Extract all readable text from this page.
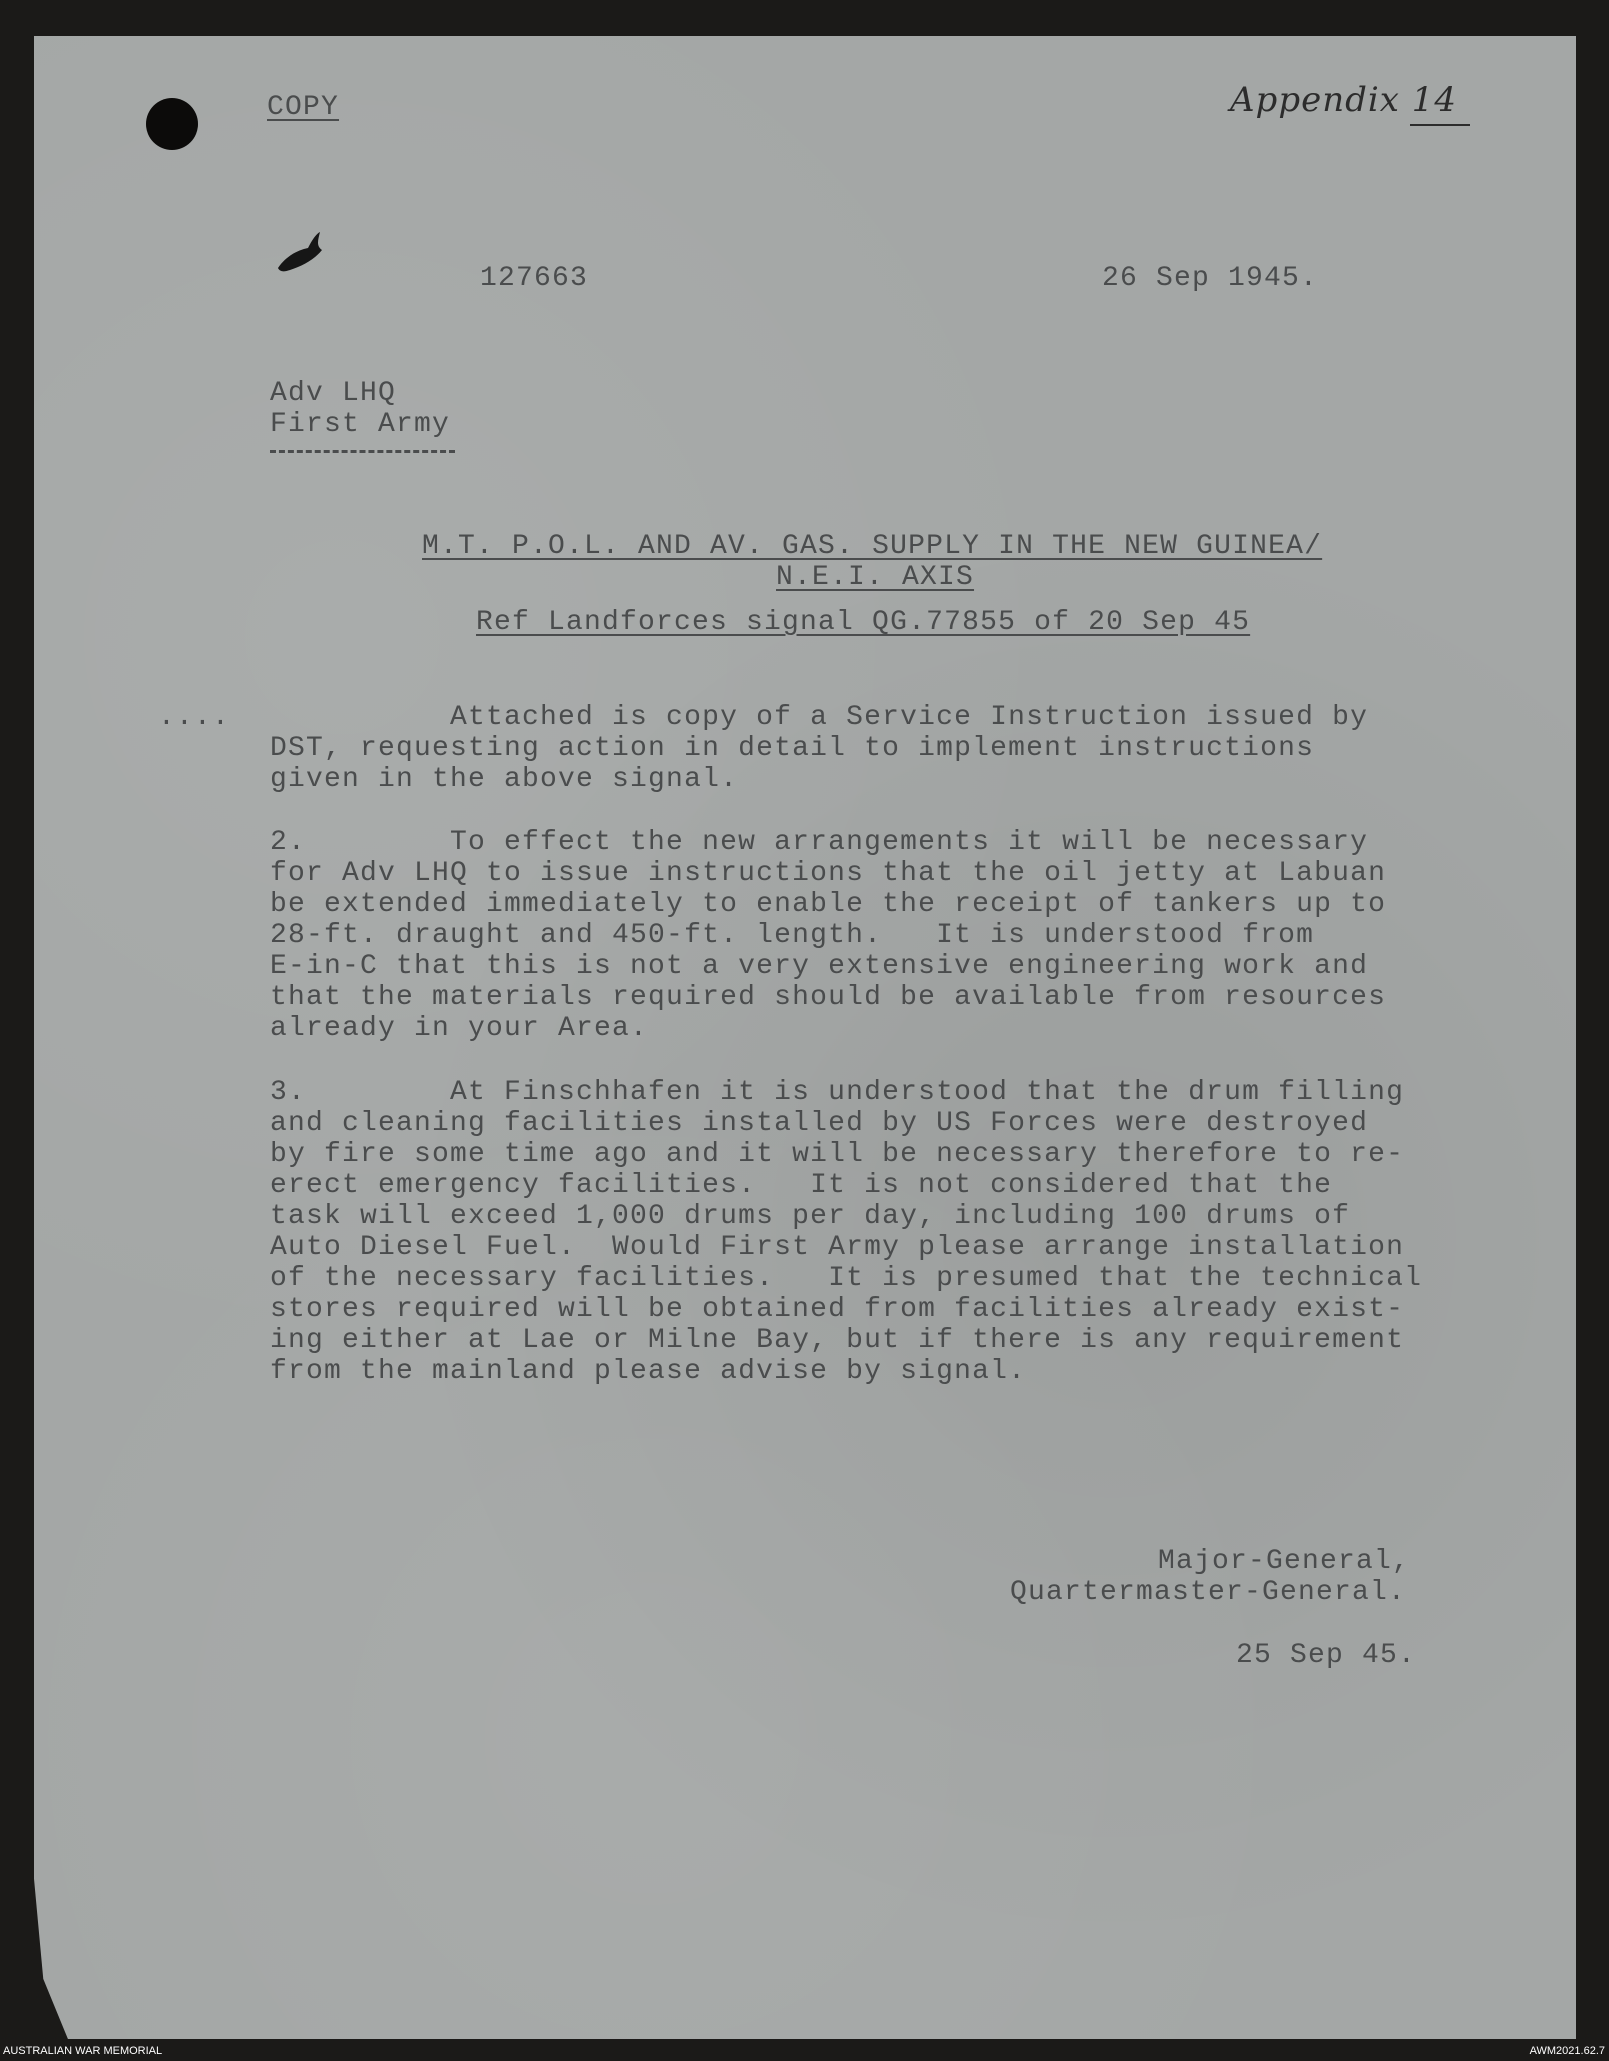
COPY	Appendix 14
127663	26 Sep 1945.
Adv LHQ
First Army
M.T. P.O.L. AND AV. GAS. SUPPLY IN THE NEW GUINEA/
N.E.I. AXIS
Ref Landforces signal QG.77855 of 20 Sep 45
.... Attached is copy of a Service Instruction issued by
DST, requesting action in detail to implement instructions
given in the above signal.
2.        To effect the new arrangements it will be necessary
for Adv LHQ to issue instructions that the oil jetty at Labuan
be extended immediately to enable the receipt of tankers up to
28-ft. draught and 450-ft. length.   It is understood from
E-in-C that this is not a very extensive engineering work and
that the materials required should be available from resources
already in your Area.
3.        At Finschhafen it is understood that the drum filling
and cleaning facilities installed by US Forces were destroyed
by fire some time ago and it will be necessary therefore to re-
erect emergency facilities.   It is not considered that the
task will exceed 1,000 drums per day, including 100 drums of
Auto Diesel Fuel.  Would First Army please arrange installation
of the necessary facilities.   It is presumed that the technical
stores required will be obtained from facilities already exist-
ing either at Lae or Milne Bay, but if there is any requirement
from the mainland please advise by signal.
Major-General,
Quartermaster-General.
25 Sep 45.
AUSTRALIAN WAR MEMORIAL	AWM2021.62.7
